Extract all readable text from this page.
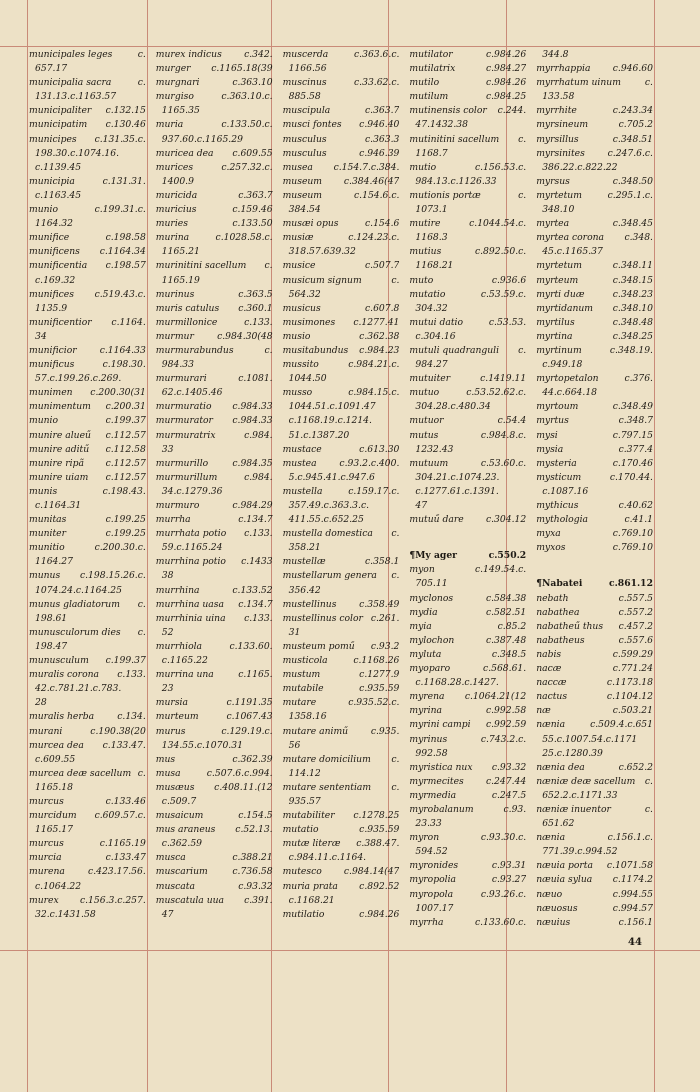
municipales leges	c.
657.17
municipalia sacra	c.
131.13.c.1163.57
municipaliter c.132.15
municipatim c.130.46
municipes c.131.35.c.
198.30.c.1074.16.
c.1139.45
municipia	c.131.31.
c.1163.45
munio	c.199.31.c.
1164.32
munifice	c.198.58
munificens c.1164.34
munificentia c.198.57
c.169.32
munifices c.519.43.c.
1135.9
munificentior c.1164.
34
munificior	c.1164.33
munificus	c.198.30.
57.c.199.26.c.269.
munimen c.200.30(31
munimentum c.200.31
munio	c.199.37
munire alueű c.112.57
munire aditű c.112.58
munire ripã c.112.57
munire uiam c.112.57
munis	c.198.43.
c.1164.31
munitas	c.199.25
muniter	c.199.25
munitio	c.200.30.c.
1164.27
munus c.198.15.26.c.
1074.24.c.1164.25
munus gladiatorum c.
198.61
munusculorum dies c.
198.47
munusculum c.199.37
muralis corona c.133.
42.c.781.21.c.783.
28
muralis herba	c.134.
murani	c.190.38(20
murcea dea c.133.47.
c.609.55
murcea deæ sacellum c.
1165.18
murcus	c.133.46
murcidum c.609.57.c.
1165.17
murcus	c.1165.19
murcia	c.133.47
murena	c.423.17.56.
c.1064.22
murex c.156.3.c.257.
32.c.1431.58
murex indicus c.342.
murger c.1165.18(39
murgnari	c.363.10
murgiso	c.363.10.c.
1165.35
muria	c.133.50.c.
937.60.c.1165.29
muricea dea c.609.55
murices	c.257.32.c.
1400.9
muricida	c.363.7
muricius	c.159.46
muries	c.133.50
murina	c.1028.58.c.
1165.21
murinitini sacellum c.
1165.19
murinus	c.363.5
muris catulus c.360.1
murmillonice	c.133.
murmur	c.984.30(48
murmurabundus	c.
984.33
murmurari	c.1081.
62.c.1405.46
murmuratio c.984.33
murmurator c.984.33
murmuratrix	c.984.
33
murmurillo	c.984.35
murmurillum	c.984.
34.c.1279.36
murmuro	c.984.29
murrha	c.134.7
murrhata potio c.133.
59.c.1165.24
murrhina potio c.1433
38
murrhina	c.133.52
murrhina uasa c.134.7
murrhinia uina c.133.
52
murrhiola	c.133.60.
c.1165.22
murrina una	c.1165.
23
mursia	c.1191.35
murteum	c.1067.43
murus	c.129.19.c.
134.55.c.1070.31
mus	c.362.39
musa	c.507.6.c.994.
musæus c.408.11.(12
c.509.7
musaicum	c.154.5
mus araneus c.52.13.
c.362.59
musca	c.388.21
muscarium	c.736.58
muscata	c.93.32
muscatula uua c.391.
47
muscerda	c.363.6.c.
1166.56
muscinus	c.33.62.c.
885.58
muscipula	c.363.7
musci fontes c.946.40
musculus	c.363.3
musculus	c.946.39
musea c.154.7.c.384.
museum c.384.46(47
museum	c.154.6.c.
384.54
musæi opus	c.154.6
musiæ	c.124.23.c.
318.57.639.32
musice	c.507.7
musicum signum	c.
564.32
musicus	c.607.8
musimones c.1277.41
musio	c.362.38
musitabundus c.984.23
mussito	c.984.21.c.
1044.50
musso	c.984.15.c.
1044.51.c.1091.47
c.1168.19.c.1214.
51.c.1387.20
mustace	c.613.30
mustea c.93.2.c.400.
5.c.945.41.c.947.6
mustella	c.159.17.c.
357.49.c.363.3.c.
411.55.c.652.25
mustella domestica c.
358.21
mustellæ	c.358.1
mustellarum genera c.
356.42
mustellinus c.358.49
mustellinus color c.261.
31
musteum pomű c.93.2
musticola	c.1168.26
mustum	c.1277.9
mutabile	c.935.59
mutare	c.935.52.c.
1358.16
mutare animű c.935.
56
mutare domicilium c.
114.12
mutare sententiam c.
935.57
mutabiliter c.1278.25
mutatio	c.935.59
mutæ literæ c.388.47.
c.984.11.c.1164.
mutesco c.984.14(47
muria prata c.892.52
c.1168.21
mutilatio	c.984.26
mutilator	c.984.26
mutilatrix	c.984.27
mutilo	c.984.26
mutilum	c.984.25
mutinensis color c.244.
47.1432.38
mutinitini sacellum c.
1168.7
mutio	c.156.53.c.
984.13.c.1126.33
mutionis portæ	c.
1073.1
mutire	c.1044.54.c.
1168.3
mutius	c.892.50.c.
1168.21
muto	c.936.6
mutatio	c.53.59.c.
304.32
mutui datio	c.53.53.
c.304.16
mutuli quadranguli c.
984.27
mutuiter	c.1419.11
mutuo	c.53.52.62.c.
304.28.c.480.34
mutuor	c.54.4
mutus	c.984.8.c.
1232.43
mutuum	c.53.60.c.
304.21.c.1074.23.
c.1277.61.c.1391.
47
mutuű dare c.304.12
¶My ager	c.550.2
myon	c.149.54.c.
705.11
myclonos	c.584.38
mydia	c.582.51
myia	c.85.2
mylochon	c.387.48
myluta	c.348.5
myoparo	c.568.61.
c.1168.28.c.1427.
myrena c.1064.21(12
myrina	c.992.58
myrini campi c.992.59
myrinus	c.743.2.c.
992.58
myristica nux c.93.32
myrmecites c.247.44
myrmedia	c.247.5
myrobalanum	c.93.
23.33
myron	c.93.30.c.
594.52
myronides	c.93.31
myropolia	c.93.27
myropola	c.93.26.c.
1007.17
myrrha	c.133.60.c.
344.8
myrrhappia c.946.60
myrrhatum uinum	c.
133.58
myrrhite	c.243.34
myrsineum	c.705.2
myrsillus	c.348.51
myrsinites c.247.6.c.
386.22.c.822.22
myrsus	c.348.50
myrtetum	c.295.1.c.
348.10
myrtea	c.348.45
myrtea corona c.348.
45.c.1165.37
myrtetum	c.348.11
myrteum	c.348.15
myrti duæ	c.348.23
myrtidanum c.348.10
myrtilus	c.348.48
myrtina	c.348.25
myrtinum	c.348.19.
c.949.18
myrtopetalon	c.376.
44.c.664.18
myrtoum	c.348.49
myrtus	c.348.7
mysi	c.797.15
mysia	c.377.4
mysteria	c.170.46
mysticum	c.170.44.
c.1087.16
mythicus	c.40.62
mythologia	c.41.1
myxa	c.769.10
myxos	c.769.10
¶Nabatei	c.861.12
nebath	c.557.5
nabathea	c.557.2
nabatheű thus c.457.2
nabatheus	c.557.6
nabis	c.599.29
nacæ	c.771.24
naccæ	c.1173.18
nactus	c.1104.12
næ	c.503.21
nænia	c.509.4.c.651
55.c.1007.54.c.1171
25.c.1280.39
nænia dea	c.652.2
næniæ deæ sacellum c.
652.2.c.1171.33
næniæ inuentor	c.
651.62
nænia	c.156.1.c.
771.39.c.994.52
næuia porta c.1071.58
næuia sylua c.1174.2
næuo	c.994.55
næuosus	c.994.57
næuius	c.156.1
44
